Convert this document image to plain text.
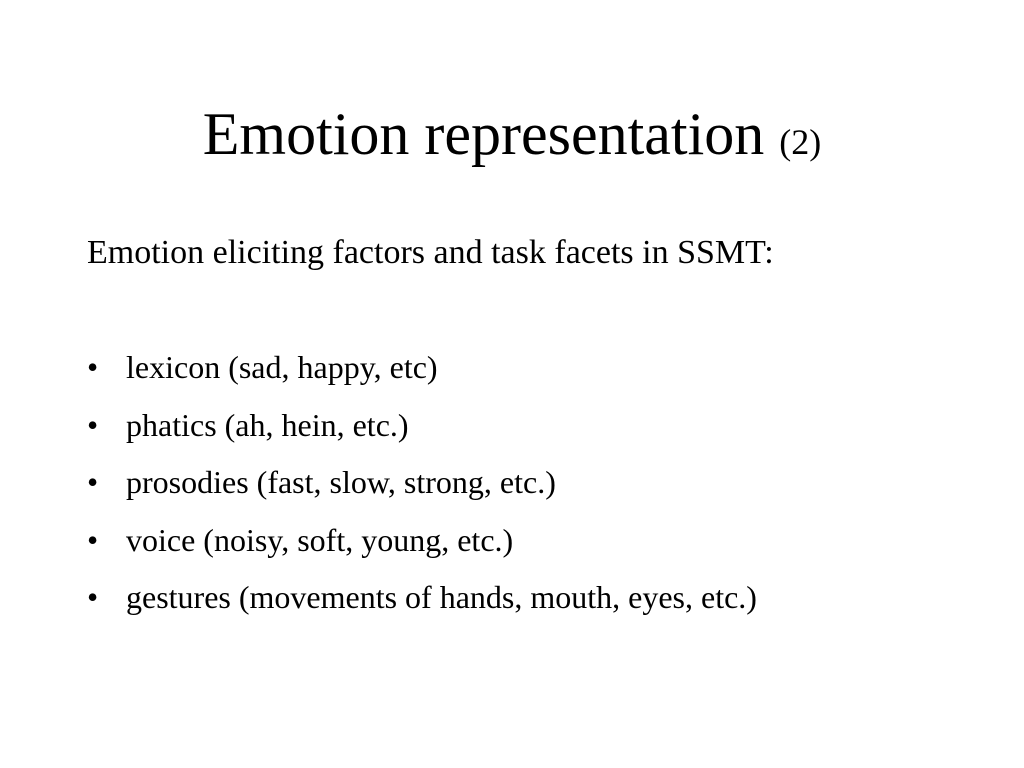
Emotion representation (2)
Emotion eliciting factors and task facets in SSMT:
• lexicon (sad, happy, etc)
• phatics (ah, hein, etc.)
• prosodies (fast, slow, strong, etc.)
• voice (noisy, soft, young, etc.)
• gestures (movements of hands, mouth, eyes, etc.)
